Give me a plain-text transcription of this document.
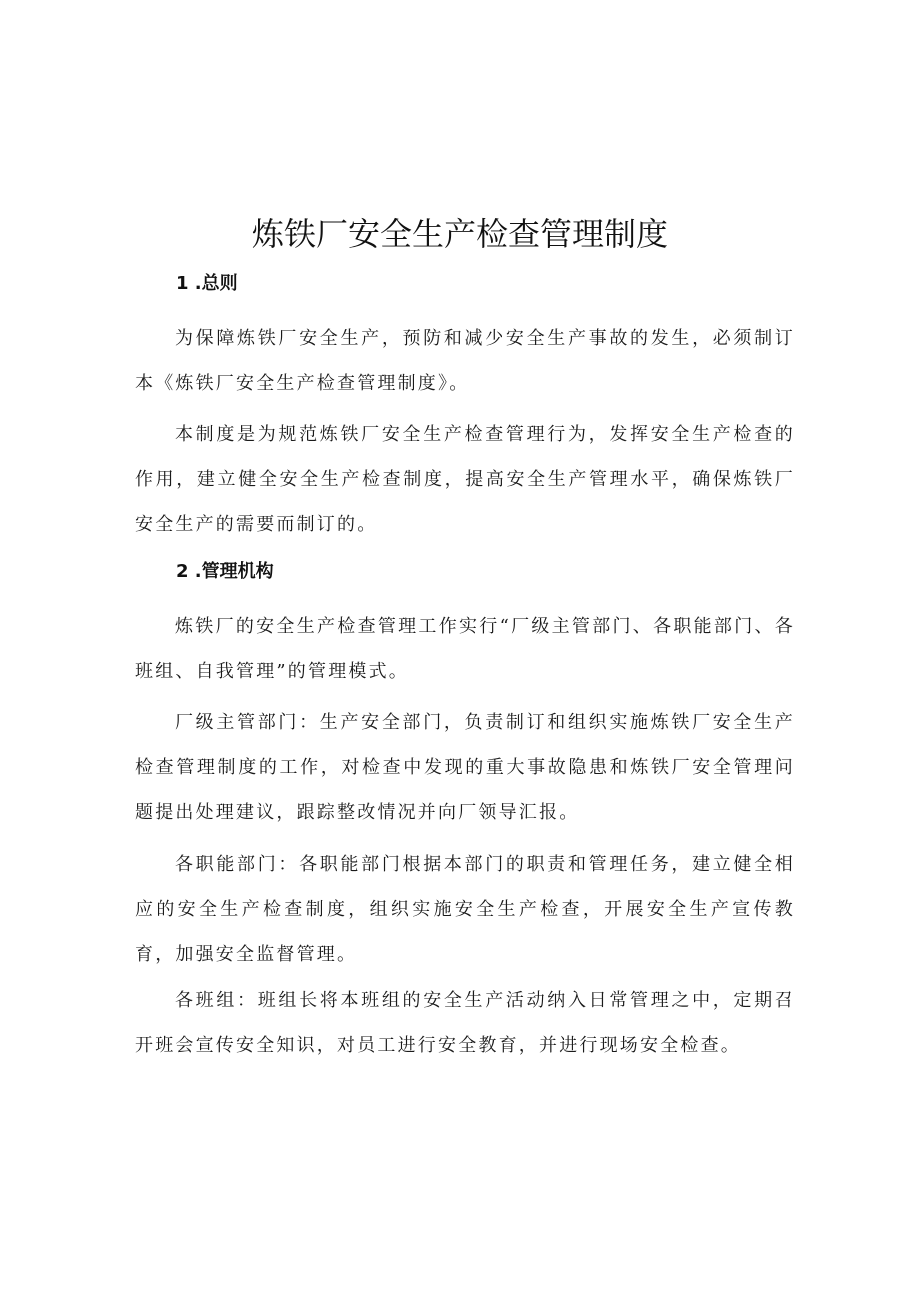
炼铁厂安全生产检查管理制度
1 .总则

为保障炼铁厂安全生产，预防和减少安全生产事故的发生，必须制订本《炼铁厂安全生产检查管理制度》。

本制度是为规范炼铁厂安全生产检查管理行为，发挥安全生产检查的作用，建立健全安全生产检查制度，提高安全生产管理水平，确保炼铁厂安全生产的需要而制订的。

2 .管理机构

炼铁厂的安全生产检查管理工作实行“厂级主管部门、各职能部门、各班组、自我管理”的管理模式。

厂级主管部门：生产安全部门，负责制订和组织实施炼铁厂安全生产检查管理制度的工作，对检查中发现的重大事故隐患和炼铁厂安全管理问题提出处理建议，跟踪整改情况并向厂领导汇报。

各职能部门：各职能部门根据本部门的职责和管理任务，建立健全相应的安全生产检查制度，组织实施安全生产检查，开展安全生产宣传教育，加强安全监督管理。

各班组：班组长将本班组的安全生产活动纳入日常管理之中，定期召开班会宣传安全知识，对员工进行安全教育，并进行现场安全检查。
